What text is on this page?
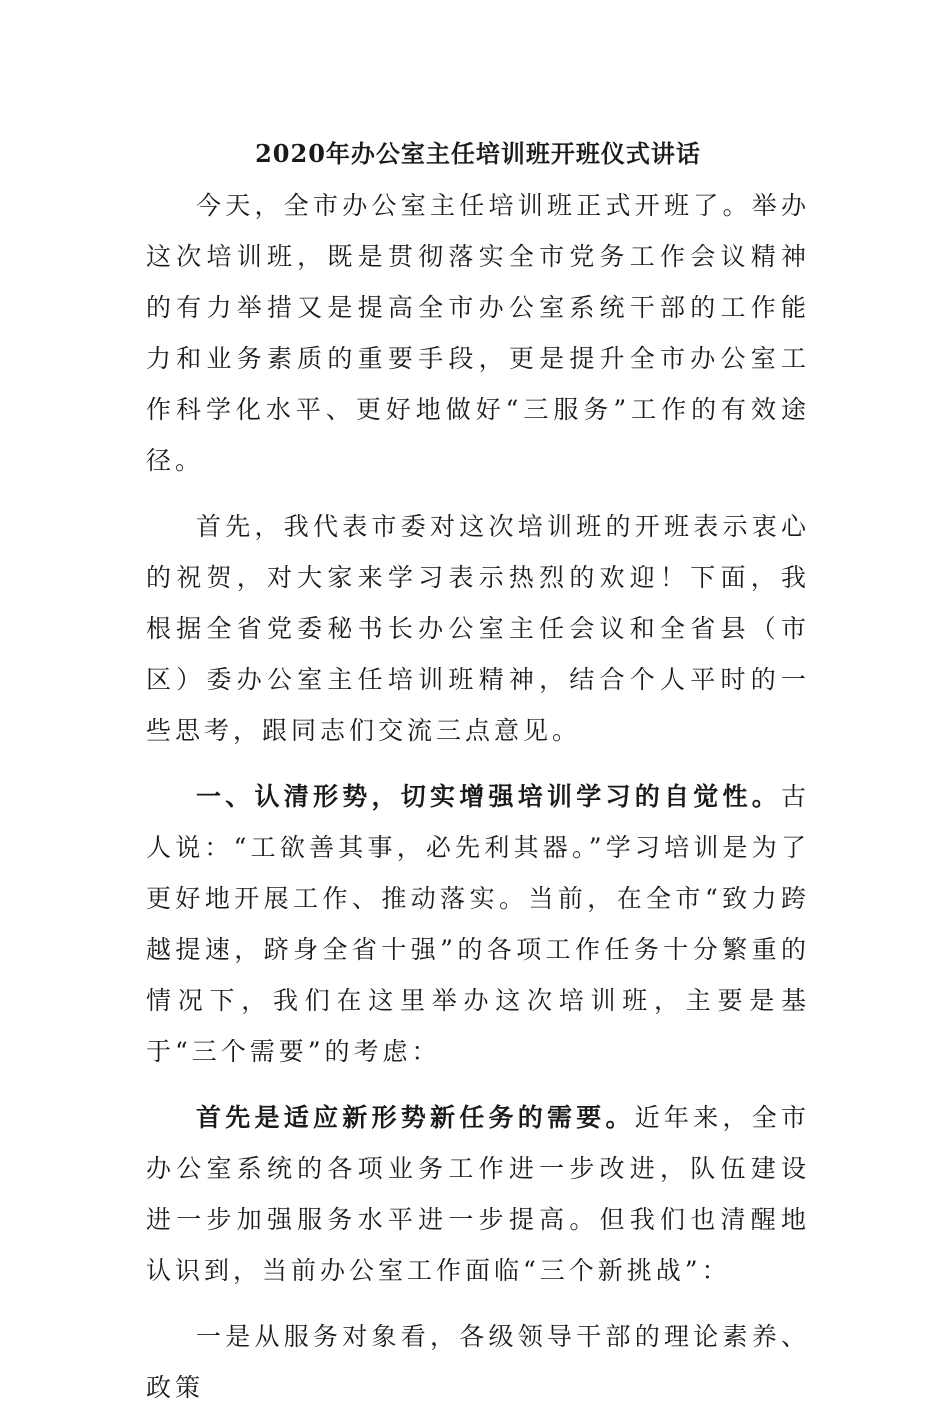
2020年办公室主任培训班开班仪式讲话

今天，全市办公室主任培训班正式开班了。举办这次培训班，既是贯彻落实全市党务工作会议精神的有力举措又是提高全市办公室系统干部的工作能力和业务素质的重要手段，更是提升全市办公室工作科学化水平、更好地做好“三服务”工作的有效途径。

首先，我代表市委对这次培训班的开班表示衷心的祝贺，对大家来学习表示热烈的欢迎！下面，我根据全省党委秘书长办公室主任会议和全省县（市区）委办公室主任培训班精神，结合个人平时的一些思考，跟同志们交流三点意见。

一、认清形势，切实增强培训学习的自觉性。古人说：“工欲善其事，必先利其器。”学习培训是为了更好地开展工作、推动落实。当前，在全市“致力跨越提速，跻身全省十强”的各项工作任务十分繁重的情况下，我们在这里举办这次培训班，主要是基于“三个需要”的考虑：

首先是适应新形势新任务的需要。近年来，全市办公室系统的各项业务工作进一步改进，队伍建设进一步加强服务水平进一步提高。但我们也清醒地认识到，当前办公室工作面临“三个新挑战”：

一是从服务对象看，各级领导干部的理论素养、政策
